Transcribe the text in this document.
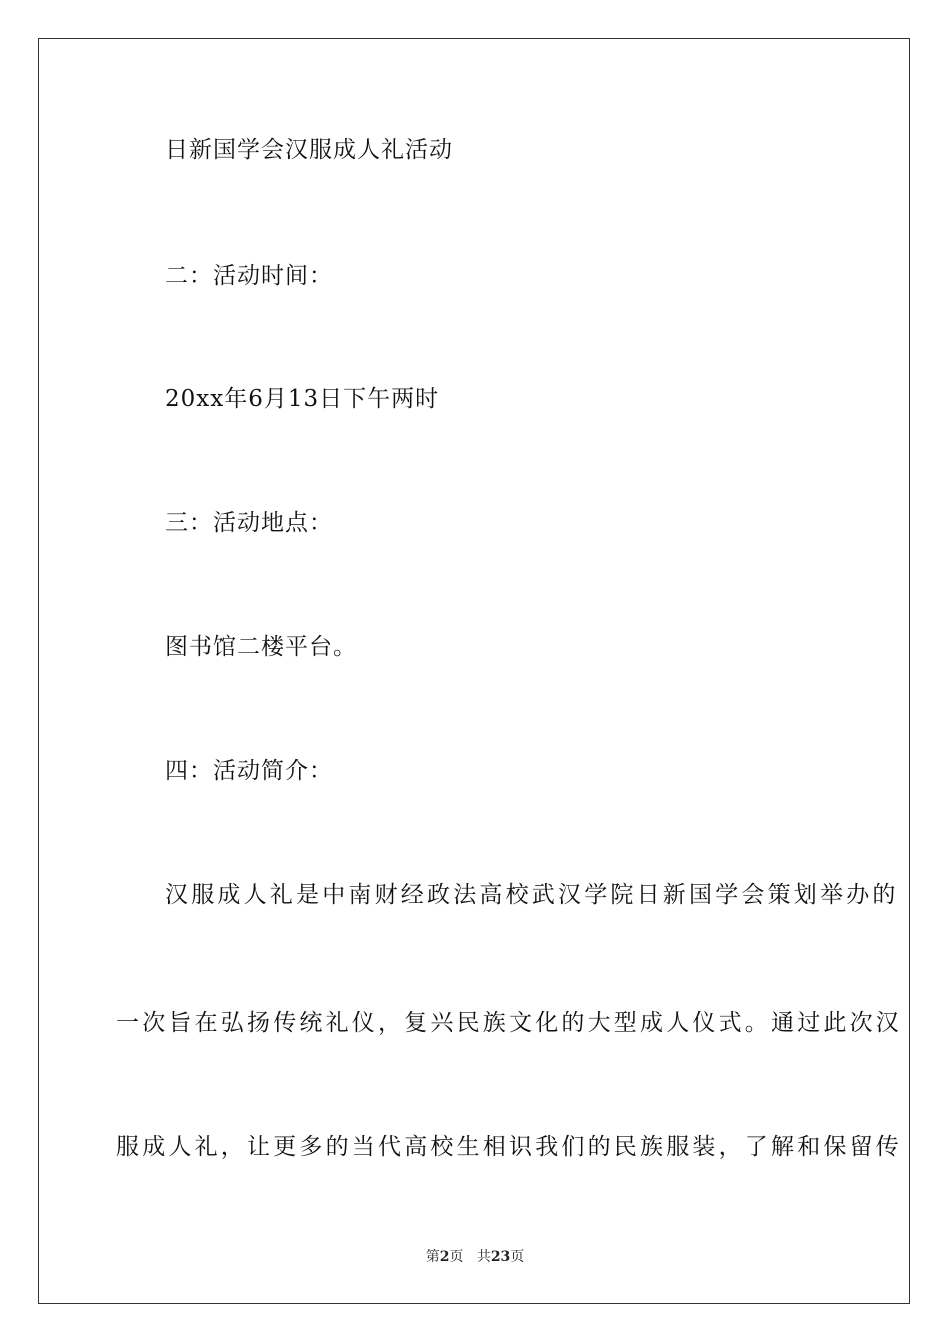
日新国学会汉服成人礼活动
二：活动时间：
20xx年6月13日下午两时
三：活动地点：
图书馆二楼平台。
四：活动简介：
汉服成人礼是中南财经政法高校武汉学院日新国学会策划举办的
一次旨在弘扬传统礼仪，复兴民族文化的大型成人仪式。通过此次汉
服成人礼，让更多的当代高校生相识我们的民族服装，了解和保留传
第2页 共23页
